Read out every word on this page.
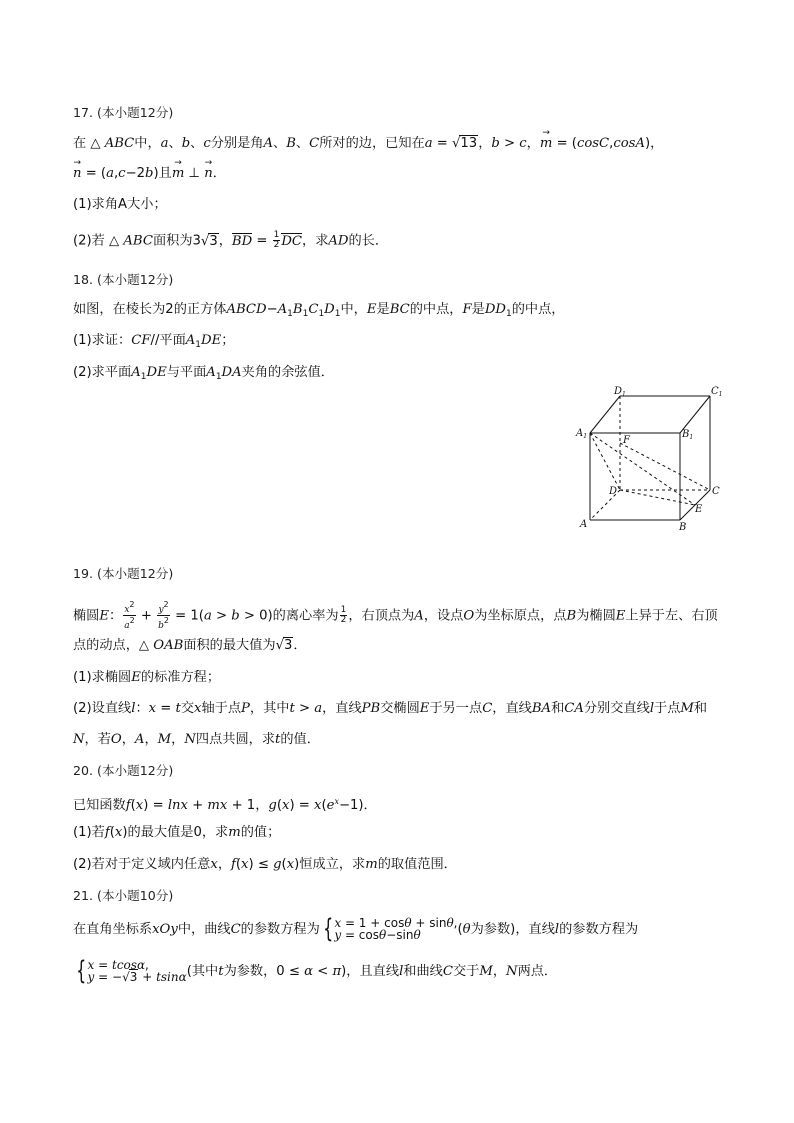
17. (本小题12分)
在 △ ABC中，a、b、c分别是角A、B、C所对的边，已知在a = √13，b > c，→ m = (cosC,cosA)，
→ n = (a,c−2b)且→ m ⊥ → n．
(1)求角A大小；
(2)若 △ ABC面积为3√3，BD = $\frac{1}{2}$ DC，求AD的长．
18. (本小题12分)
如图，在棱长为2的正方体$ABCD-A_1B_1C_1D_1$中，E是BC的中点，F是$DD_1$的中点，
(1)求证：CF//平面$A_1DE$；
(2)求平面$A_1DE$与平面$A_1DA$夹角的余弦值．
$D_1$	$C_1$
$A_1$	F
$B_1$
D	C
E
A	B
19. (本小题12分)
椭圆E： $\frac{x2}{a2} + \frac{y2}{b2} = 1(a > b > 0)$的离心率为 $\frac{1}{2}$ ，右顶点为A，设点O为坐标原点，点B为椭圆E上异于左、右顶
点的动点，△ OAB面积的最大值为√3．
(1)求椭圆E的标准方程；
(2)设直线l：x = t交x轴于点P，其中t > a，直线PB交椭圆E于另一点C，直线BA和CA分别交直线l于点M和
N，若O，A，M，N四点共圆，求t的值．
20. (本小题12分)
已知函数f(x) = lnx + mx + 1，$g(x) = x(e^x-1)$．
(1)若f(x)的最大值是0，求m的值；
(2)若对于定义域内任意x，f(x) ≤ g(x)恒成立，求m的取值范围．
21. (本小题10分)
在直角坐标系xOy中，曲线C的参数方程为 { x = 1 + cosθ + sinθ,
y = cosθ−sinθ	(θ为参数)，直线l的参数方程为
{ x = tcosα,
y = −√3 + tsinα (其中t为参数，0 ≤ α < π)，且直线l和曲线C交于M，N两点．
